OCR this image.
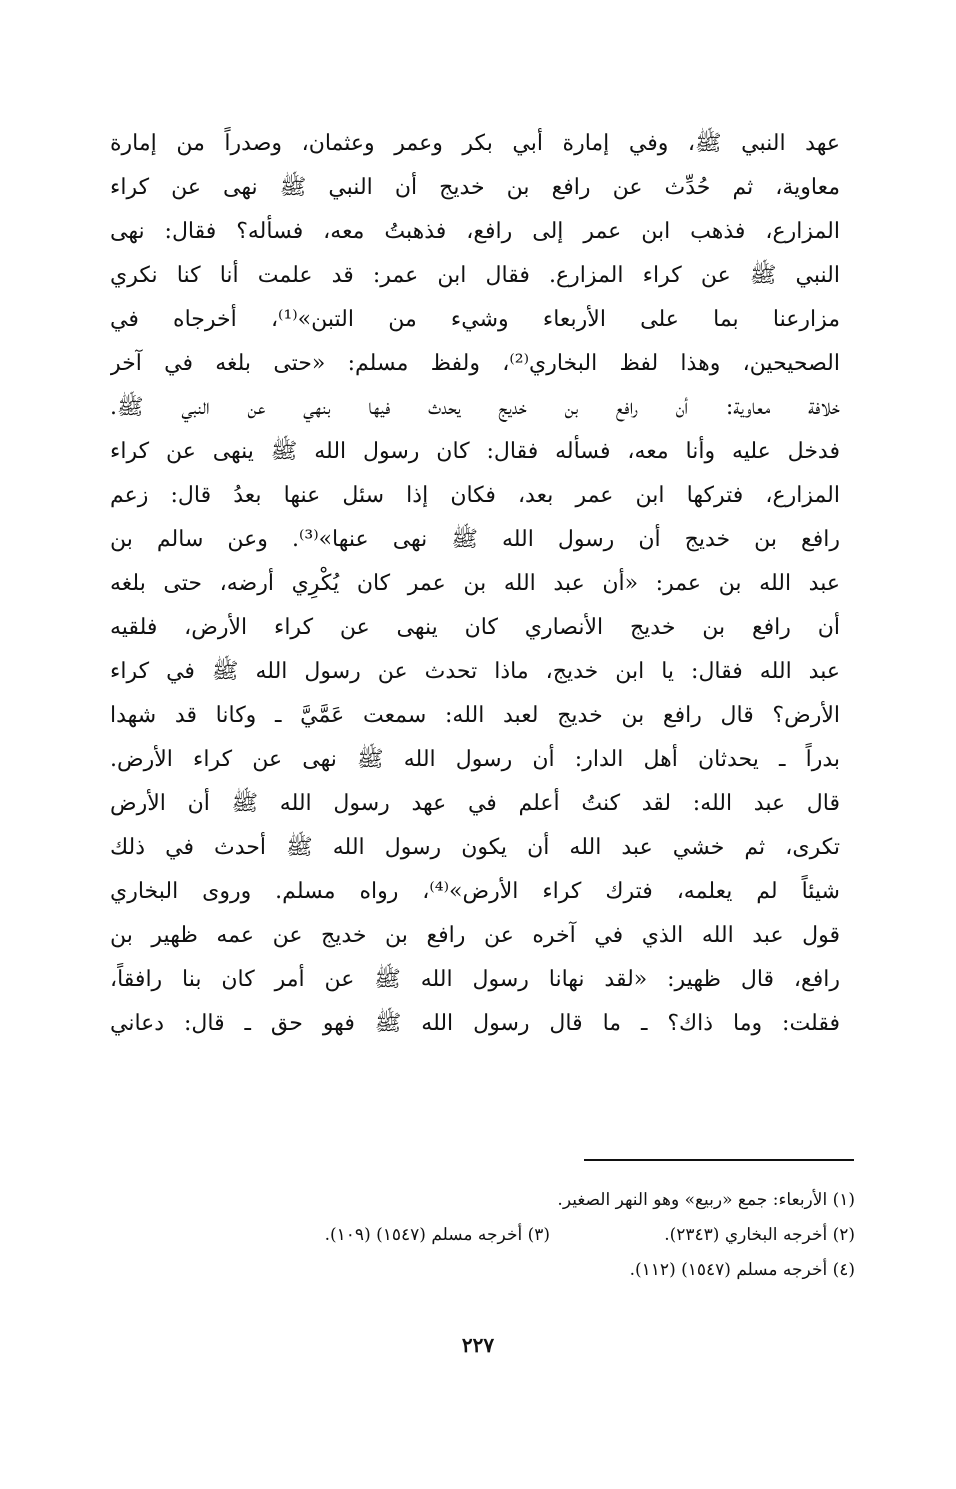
عهد النبي ﷺ، وفي إمارة أبي بكر وعمر وعثمان، وصدراً من إمارة
معاوية، ثم حُدِّث عن رافع بن خديج أن النبي ﷺ نهى عن كراء
المزارع، فذهب ابن عمر إلى رافع، فذهبتُ معه، فسأله؟ فقال: نهى
النبي ﷺ عن كراء المزارع. فقال ابن عمر: قد علمت أنا كنا نكري
مزارعنا بما على الأربعاء وشيء من التبن»⁽¹⁾، أخرجاه في
الصحيحين، وهذا لفظ البخاري⁽²⁾، ولفظ مسلم: «حتى بلغه في آخر
خلافة معاوية: أن رافع بن خديج يحدث فيها بنهي عن النبي ﷺ.
فدخل عليه وأنا معه، فسأله فقال: كان رسول الله ﷺ ينهى عن كراء
المزارع، فتركها ابن عمر بعد، فكان إذا سئل عنها بعدُ قال: زعم
رافع بن خديج أن رسول الله ﷺ نهى عنها»⁽³⁾. وعن سالم بن
عبد الله بن عمر: «أن عبد الله بن عمر كان يُكْرِي أرضه، حتى بلغه
أن رافع بن خديج الأنصاري كان ينهى عن كراء الأرض، فلقيه
عبد الله فقال: يا ابن خديج، ماذا تحدث عن رسول الله ﷺ في كراء
الأرض؟ قال رافع بن خديج لعبد الله: سمعت عَمَّيَّ ـ وكانا قد شهدا
بدراً ـ يحدثان أهل الدار: أن رسول الله ﷺ نهى عن كراء الأرض.
قال عبد الله: لقد كنتُ أعلم في عهد رسول الله ﷺ أن الأرض
تكرى، ثم خشي عبد الله أن يكون رسول الله ﷺ أحدث في ذلك
شيئاً لم يعلمه، فترك كراء الأرض»⁽⁴⁾، رواه مسلم. وروى البخاري
قول عبد الله الذي في آخره عن رافع بن خديج عن عمه ظهير بن
رافع، قال ظهير: «لقد نهانا رسول الله ﷺ عن أمر كان بنا رافقاً،
فقلت: وما ذاك؟ ـ ما قال رسول الله ﷺ فهو حق ـ قال: دعاني
(١) الأربعاء: جمع «ربيع» وهو النهر الصغير.
(٢) أخرجه البخاري (٢٣٤٣).
(٣) أخرجه مسلم (١٥٤٧) (١٠٩).
(٤) أخرجه مسلم (١٥٤٧) (١١٢).
٢٢٧
